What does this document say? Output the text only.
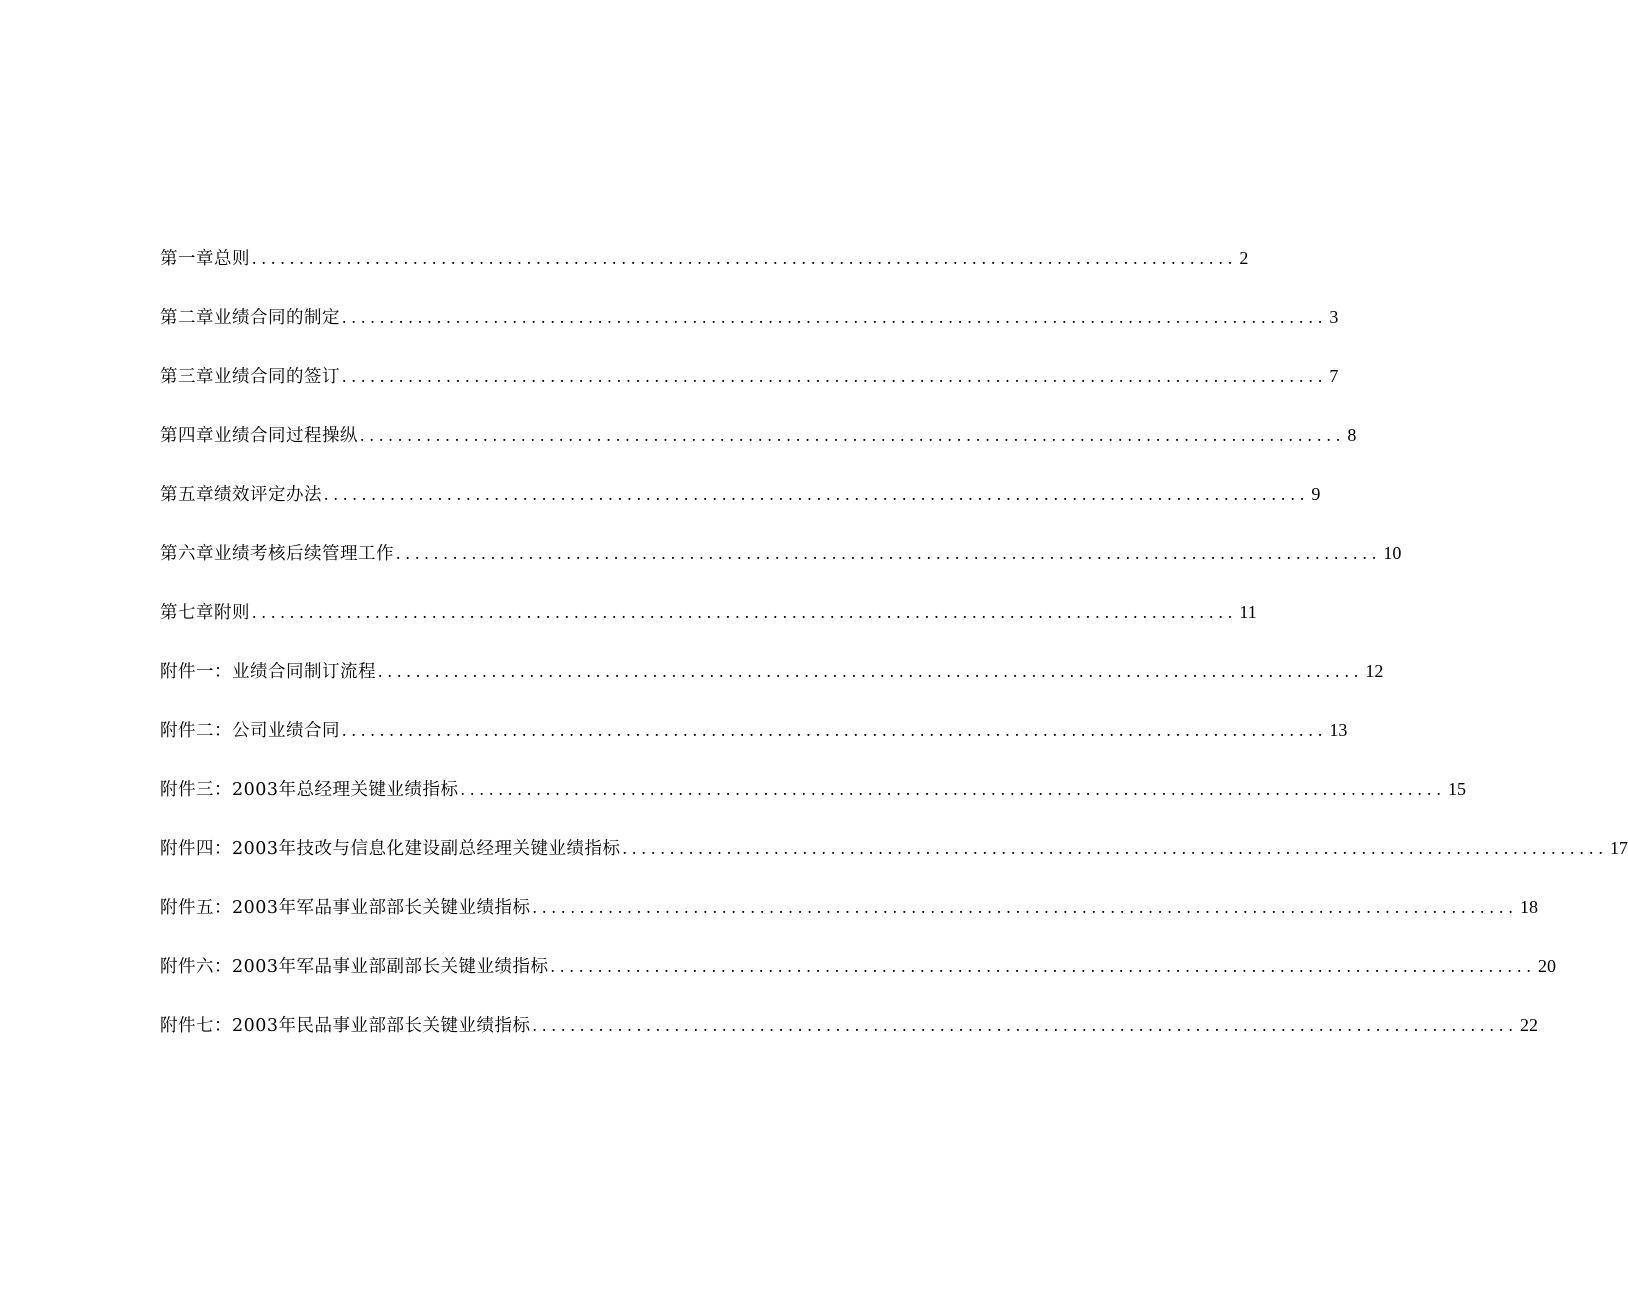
第一章总则 ........................................................................................................ 2
第二章业绩合同的制定 ........................................................................................................ 3
第三章业绩合同的签订 ........................................................................................................ 7
第四章业绩合同过程操纵 ........................................................................................................ 8
第五章绩效评定办法 ........................................................................................................ 9
第六章业绩考核后续管理工作 ........................................................................................................ 10
第七章附则 ........................................................................................................ 11
附件一：业绩合同制订流程 ........................................................................................................ 12
附件二：公司业绩合同 ........................................................................................................ 13
附件三：2003年总经理关键业绩指标 ........................................................................................................ 15
附件四：2003年技改与信息化建设副总经理关键业绩指标 ........................................................................................................ 17
附件五：2003年军品事业部部长关键业绩指标 ........................................................................................................ 18
附件六：2003年军品事业部副部长关键业绩指标 ........................................................................................................ 20
附件七：2003年民品事业部部长关键业绩指标 ........................................................................................................ 22
